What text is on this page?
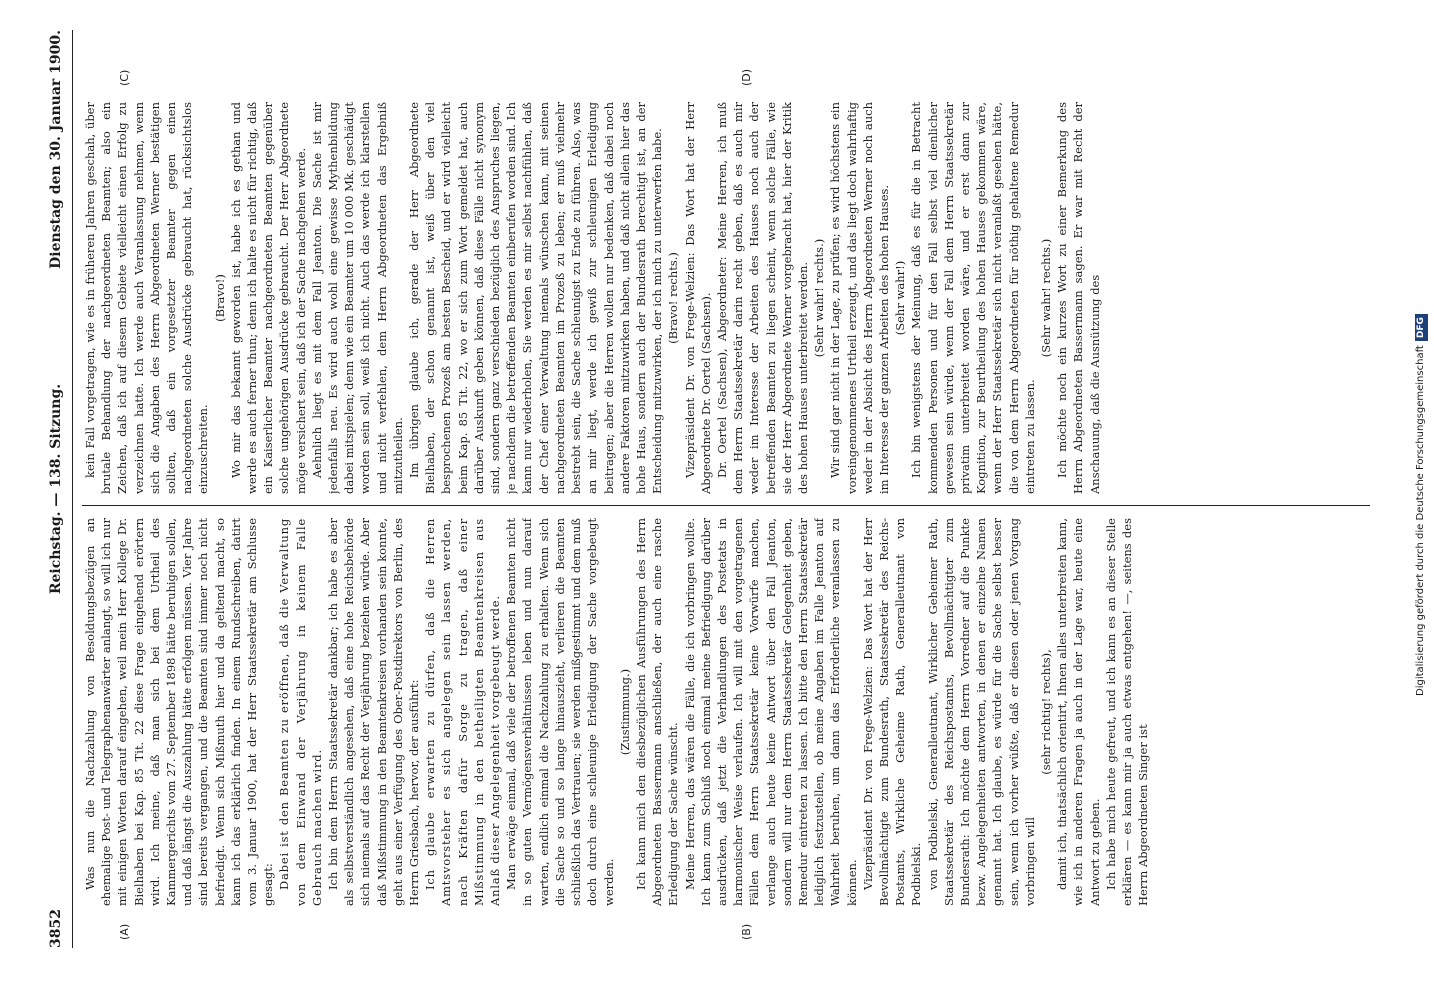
3852
Reichstag. — 138. Sitzung.
Dienstag den 30. Januar 1900.
(A)	(B)
(C)	(D)

Was nun die Nachzahlung von Besoldungsbezügen an ehemalige Post- und Telegraphenanwärter anlangt, so will ich nur mit einigen Worten darauf eingehen, weil mein Herr Kollege Dr. Bielhaben bei Kap. 85 Tit. 22 diese Frage eingehend erörtern wird. Ich meine, daß man sich bei dem Urtheil des Kammergerichts vom 27. September 1898 hätte beruhigen sollen, und daß längst die Auszahlung hätte erfolgen müssen. Vier Jahre sind bereits vergangen, und die Beamten sind immer noch nicht befriedigt. Wenn sich Mißmuth hier und da geltend macht, so kann ich das erklärlich finden. In einem Rundschreiben, datirt vom 3. Januar 1900, hat der Herr Staatssekretär am Schlusse gesagt: Dabei ist den Beamten zu eröffnen, daß die Verwaltung von dem Einwand der Verjährung in keinem Falle Gebrauch machen wird. Ich bin dem Herrn Staatssekretär dankbar; ich habe es aber als selbstverständlich angesehen, daß eine hohe Reichsbehörde sich niemals auf das Recht der Verjährung beziehen würde. Aber daß Mißstimmung in den Beamtenkreisen vorhanden sein konnte, geht aus einer Verfügung des Ober-Postdirektors von Berlin, des Herrn Griesbach, hervor, der ausführt: Ich glaube erwarten zu dürfen, daß die Herren Amtsvorsteher es sich angelegen sein lassen werden, nach Kräften dafür Sorge zu tragen, daß einer Mißstimmung in den betheiligten Beamtenkreisen aus Anlaß dieser Angelegenheit vorgebeugt werde. Man erwäge einmal, daß viele der betroffenen Beamten nicht in so guten Vermögensverhältnissen leben und nun darauf warten, endlich einmal die Nachzahlung zu erhalten. Wenn sich die Sache so und so lange hinauszieht, verlieren die Beamten schließlich das Vertrauen; sie werden mißgestimmt und dem muß doch durch eine schleunige Erledigung der Sache vorgebeugt werden.

(Zustimmung.) Ich kann mich den diesbezüglichen Ausführungen des Herrn Abgeordneten Bassermann anschließen, der auch eine rasche Erledigung der Sache wünscht. Meine Herren, das wären die Fälle, die ich vorbringen wollte. Ich kann zum Schluß noch einmal meine Befriedigung darüber ausdrücken, daß jetzt die Verhandlungen des Postetats in harmonischer Weise verlaufen. Ich will mit den vorgetragenen Fällen dem Herrn Staatssekretär keine Vorwürfe machen, verlange auch heute keine Antwort über den Fall Jeanton, sondern will nur dem Herrn Staatssekretär Gelegenheit geben, Remedur eintreten zu lassen. Ich bitte den Herrn Staatssekretär lediglich festzustellen, ob meine Angaben im Falle Jeanton auf Wahrheit beruhen, um dann das Erforderliche veranlassen zu können. Vizepräsident Dr. von Frege-Welzien: Das Wort hat der Herr Bevollmächtigte zum Bundesrath, Staatssekretär des Reichs-Postamts, Wirkliche Geheime Rath, Generalleutnant von Podbielski. von Podbielski, Generalleutnant, Wirklicher Geheimer Rath, Staatssekretär des Reichspostamts, Bevollmächtigter zum Bundesrath: Ich möchte dem Herrn Vorredner auf die Punkte bezw. Angelegenheiten antworten, in denen er einzelne Namen genannt hat. Ich glaube, es würde für die Sache selbst besser sein, wenn ich vorher wüßte, daß er diesen oder jenen Vorgang vorbringen will

(sehr richtig! rechts), damit ich, thatsächlich orientirt, Ihnen alles unterbreiten kann, wie ich in anderen Fragen ja auch in der Lage war, heute eine Antwort zu geben. Ich habe mich heute gefreut, und ich kann es an dieser Stelle erklären — es kann mir ja auch etwas entgehen! —, seitens des Herrn Abgeordneten Singer ist

kein Fall vorgetragen, wie es in früheren Jahren geschah, über brutale Behandlung der nachgeordneten Beamten; also ein Zeichen, daß ich auf diesem Gebiete vielleicht einen Erfolg zu verzeichnen hatte. Ich werde auch Veranlassung nehmen, wenn sich die Angaben des Herrn Abgeordneten Werner bestätigen sollten, daß ein vorgesetzter Beamter gegen einen nachgeordneten solche Ausdrücke gebraucht hat, rücksichtslos einzuschreiten.

(Bravo!) Wo mir das bekannt geworden ist, habe ich es gethan und werde es auch ferner thun; denn ich halte es nicht für richtig, daß ein Kaiserlicher Beamter nachgeordneten Beamten gegenüber solche ungehörigen Ausdrücke gebraucht. Der Herr Abgeordnete möge versichert sein, daß ich der Sache nachgehen werde. Aehnlich liegt es mit dem Fall Jeanton. Die Sache ist mir jedenfalls neu. Es wird auch wohl eine gewisse Mythenbildung dabei mitspielen; denn wie ein Beamter um 10 000 Mk. geschädigt worden sein soll, weiß ich nicht. Auch das werde ich klarstellen und nicht verfehlen, dem Herrn Abgeordneten das Ergebniß mitzutheilen. Im übrigen glaube ich, gerade der Herr Abgeordnete Bielhaben, der schon genannt ist, weiß über den viel besprochenen Prozeß am besten Bescheid, und er wird vielleicht beim Kap. 85 Tit. 22, wo er sich zum Wort gemeldet hat, auch darüber Auskunft geben können, daß diese Fälle nicht synonym sind, sondern ganz verschieden bezüglich des Anspruches liegen, je nachdem die betreffenden Beamten einberufen worden sind. Ich kann nur wiederholen, Sie werden es mir selbst nachfühlen, daß der Chef einer Verwaltung niemals wünschen kann, mit seinen nachgeordneten Beamten im Prozeß zu leben; er muß vielmehr bestrebt sein, die Sache schleunigst zu Ende zu führen. Also, was an mir liegt, werde ich gewiß zur schleunigen Erledigung beitragen; aber die Herren wollen nur bedenken, daß dabei noch andere Faktoren mitzuwirken haben, und daß nicht allein hier das hohe Haus, sondern auch der Bundesrath berechtigt ist, an der Entscheidung mitzuwirken, der ich mich zu unterwerfen habe. (Bravo! rechts.) Vizepräsident Dr. von Frege-Welzien: Das Wort hat der Herr Abgeordnete Dr. Oertel (Sachsen). Dr. Oertel (Sachsen), Abgeordneter: Meine Herren, ich muß dem Herrn Staatssekretär darin recht geben, daß es auch mir weder im Interesse der Arbeiten des Hauses noch auch der betreffenden Beamten zu liegen scheint, wenn solche Fälle, wie sie der Herr Abgeordnete Werner vorgebracht hat, hier der Kritik des hohen Hauses unterbreitet werden. (Sehr wahr! rechts.) Wir sind gar nicht in der Lage, zu prüfen; es wird höchstens ein voreingenommenes Urtheil erzeugt, und das liegt doch wahrhaftig weder in der Absicht des Herrn Abgeordneten Werner noch auch im Interesse der ganzen Arbeiten des hohen Hauses. (Sehr wahr!) Ich bin wenigstens der Meinung, daß es für die in Betracht kommenden Personen und für den Fall selbst viel dienlicher gewesen sein würde, wenn der Fall dem Herrn Staatssekretär privatim unterbreitet worden wäre, und er erst dann zur Kognition, zur Beurtheilung des hohen Hauses gekommen wäre, wenn der Herr Staatssekretär sich nicht veranlaßt gesehen hätte, die von dem Herrn Abgeordneten für nöthig gehaltene Remedur eintreten zu lassen.

(Sehr wahr! rechts.) Ich möchte noch ein kurzes Wort zu einer Bemerkung des Herrn Abgeordneten Bassermann sagen. Er war mit Recht der Anschauung, daß die Ausnützung des	Digitalisierung gefördert durch die Deutsche ForschungsgemeinschaftDFG
